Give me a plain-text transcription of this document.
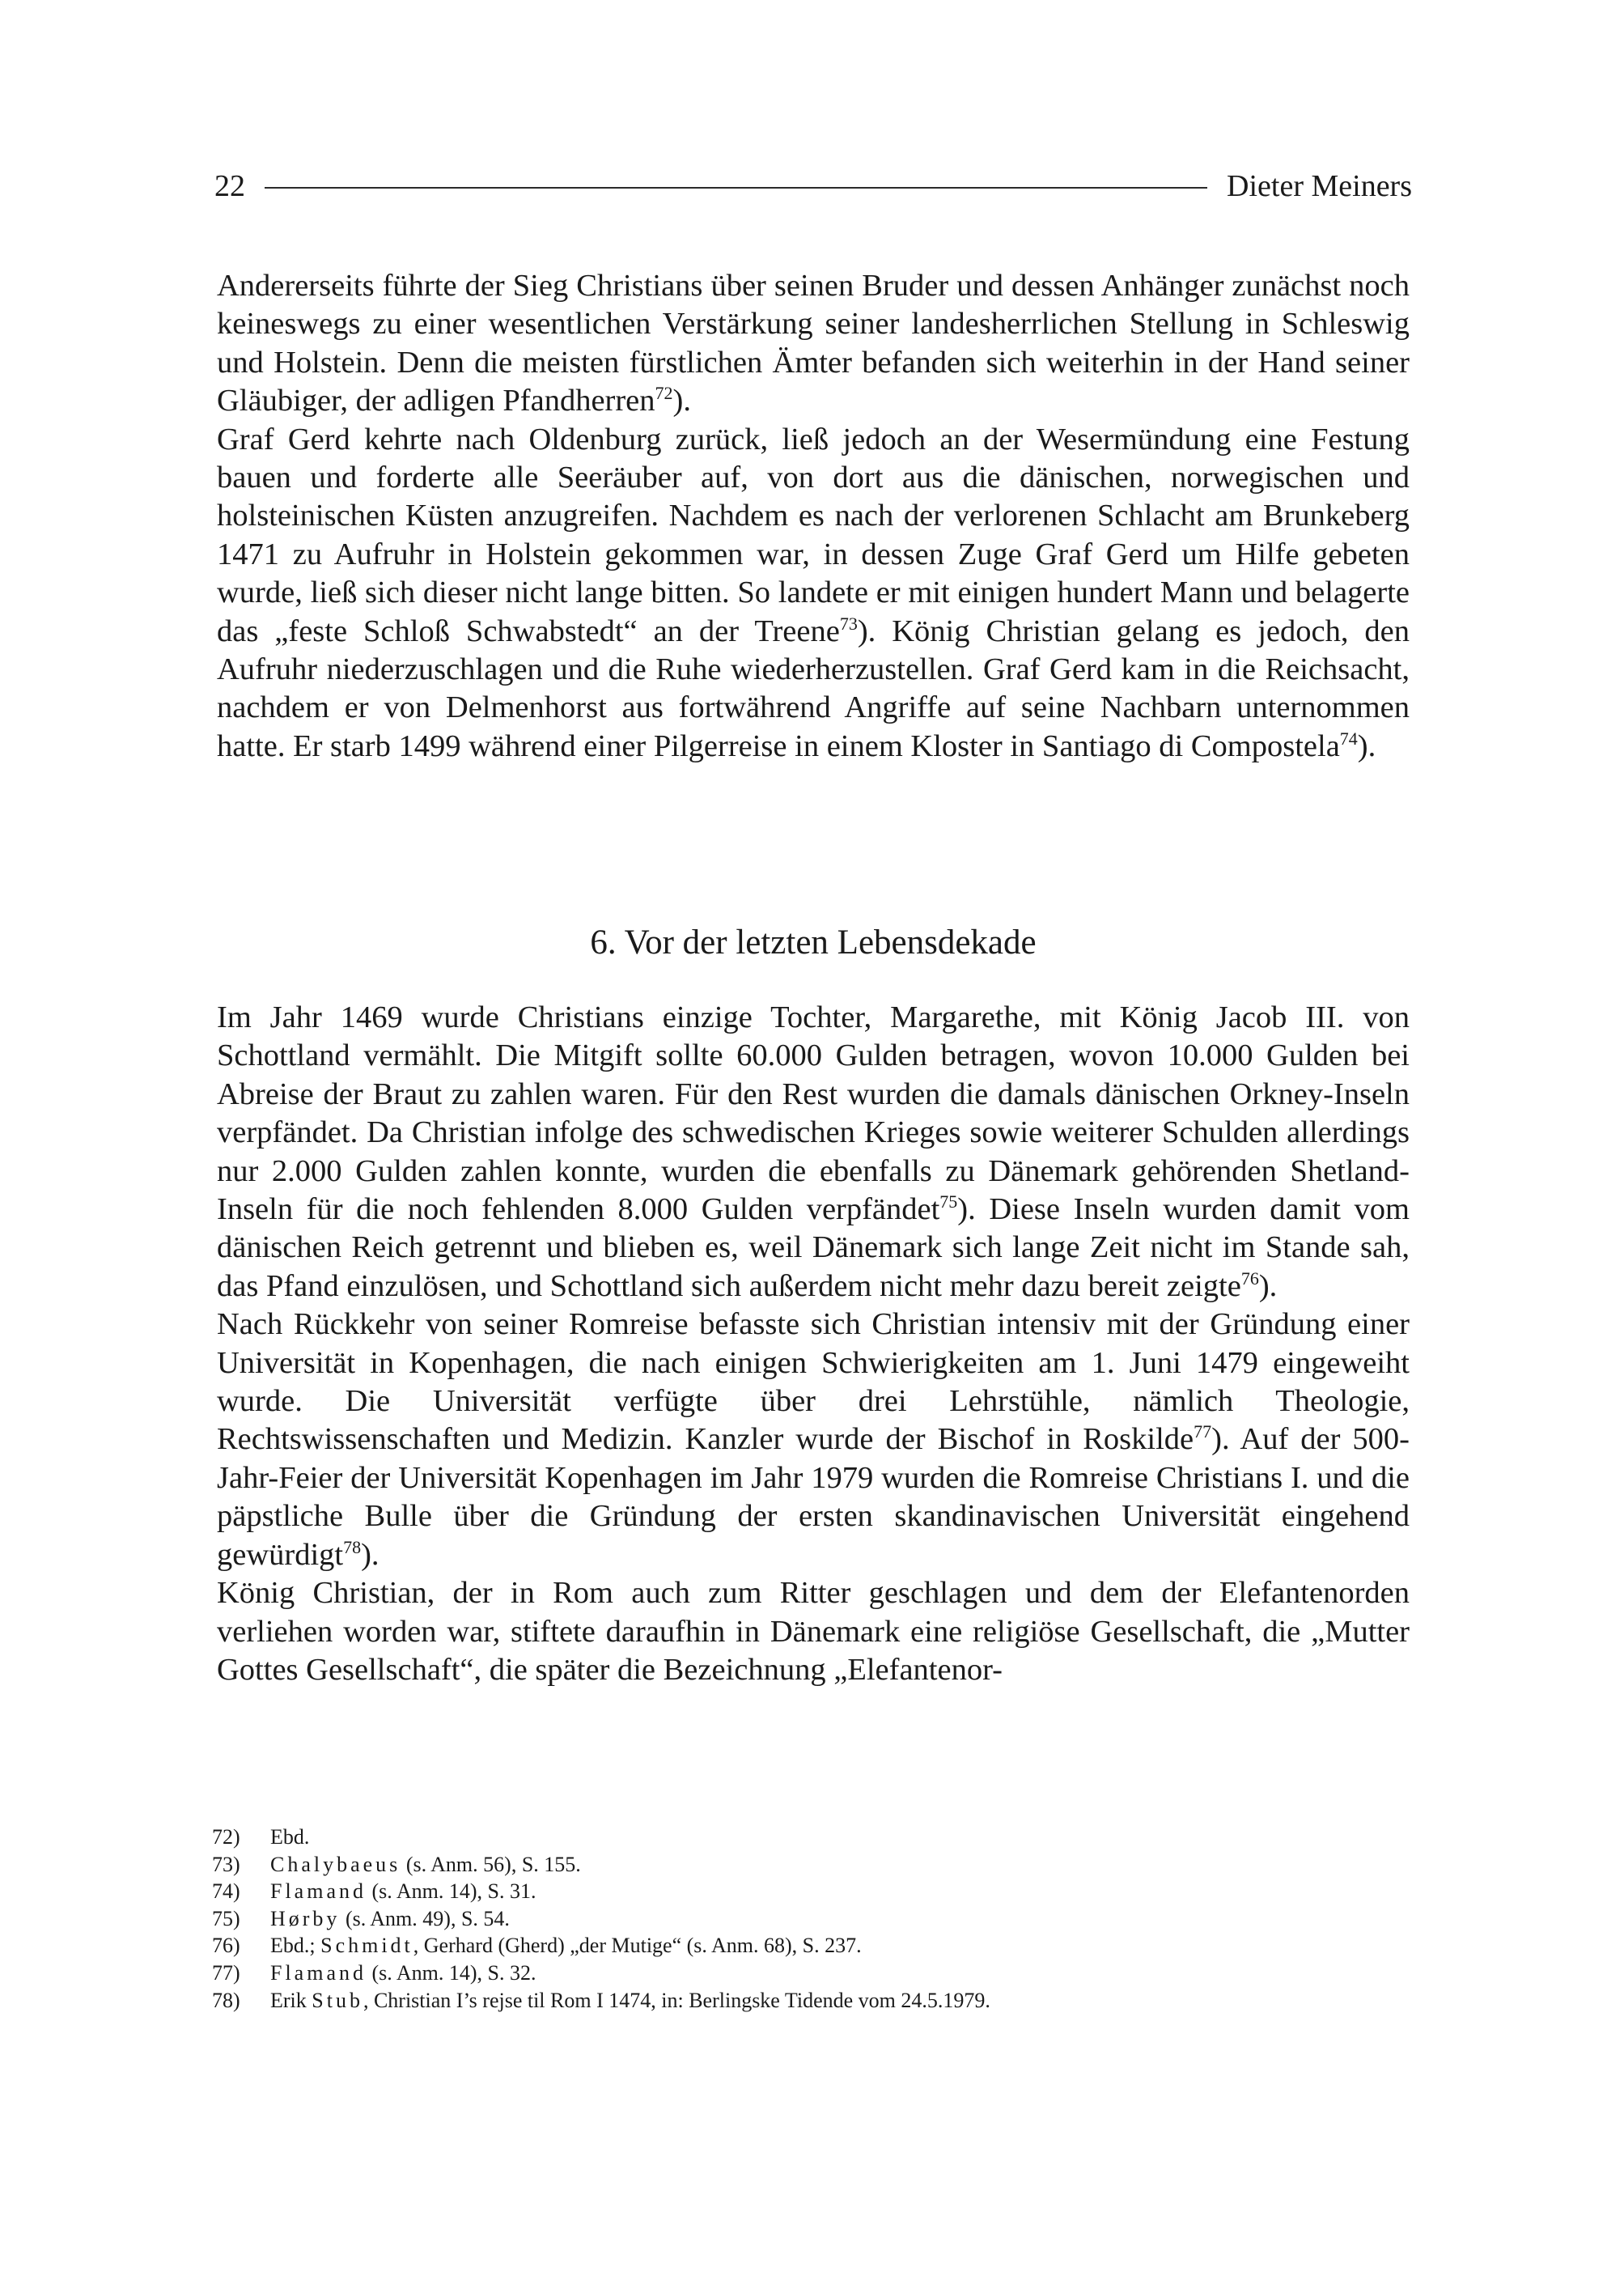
22	Dieter Meiners

Andererseits führte der Sieg Christians über seinen Bruder und dessen Anhänger zunächst noch keineswegs zu einer wesentlichen Verstärkung seiner landesherrlichen Stellung in Schleswig und Holstein. Denn die meisten fürstlichen Ämter befanden sich weiterhin in der Hand seiner Gläubiger, der adligen Pfandherren$^{72}$).

Graf Gerd kehrte nach Oldenburg zurück, ließ jedoch an der Wesermündung eine Festung bauen und forderte alle Seeräuber auf, von dort aus die dänischen, norwegischen und holsteinischen Küsten anzugreifen. Nachdem es nach der verlorenen Schlacht am Brunkeberg 1471 zu Aufruhr in Holstein gekommen war, in dessen Zuge Graf Gerd um Hilfe gebeten wurde, ließ sich dieser nicht lange bitten. So landete er mit einigen hundert Mann und belagerte das „feste Schloß Schwabstedt“ an der Treene$^{73}$). König Christian gelang es jedoch, den Aufruhr niederzuschlagen und die Ruhe wiederherzustellen. Graf Gerd kam in die Reichsacht, nachdem er von Delmenhorst aus fortwährend Angriffe auf seine Nachbarn unternommen hatte. Er starb 1499 während einer Pilgerreise in einem Kloster in Santiago di Compostela$^{74}$).

6. Vor der letzten Lebensdekade

Im Jahr 1469 wurde Christians einzige Tochter, Margarethe, mit König Jacob III. von Schottland vermählt. Die Mitgift sollte 60.000 Gulden betragen, wovon 10.000 Gulden bei Abreise der Braut zu zahlen waren. Für den Rest wurden die damals dänischen Orkney-Inseln verpfändet. Da Christian infolge des schwedischen Krieges sowie weiterer Schulden allerdings nur 2.000 Gulden zahlen konnte, wurden die ebenfalls zu Dänemark gehörenden Shetland-Inseln für die noch fehlenden 8.000 Gulden verpfändet$^{75}$). Diese Inseln wurden damit vom dänischen Reich getrennt und blieben es, weil Dänemark sich lange Zeit nicht im Stande sah, das Pfand einzulösen, und Schottland sich außerdem nicht mehr dazu bereit zeigte$^{76}$).

Nach Rückkehr von seiner Romreise befasste sich Christian intensiv mit der Gründung einer Universität in Kopenhagen, die nach einigen Schwierigkeiten am 1. Juni 1479 eingeweiht wurde. Die Universität verfügte über drei Lehrstühle, nämlich Theologie, Rechtswissenschaften und Medizin. Kanzler wurde der Bischof in Roskilde$^{77}$). Auf der 500-Jahr-Feier der Universität Kopenhagen im Jahr 1979 wurden die Romreise Christians I. und die päpstliche Bulle über die Gründung der ersten skandinavischen Universität eingehend gewürdigt$^{78}$).

König Christian, der in Rom auch zum Ritter geschlagen und dem der Elefantenorden verliehen worden war, stiftete daraufhin in Dänemark eine religiöse Gesellschaft, die „Mutter Gottes Gesellschaft“, die später die Bezeichnung „Elefantenor-

72)	Ebd.
73)	Chalybaeus (s. Anm. 56), S. 155.
74)	Flamand (s. Anm. 14), S. 31.
75)	Hørby (s. Anm. 49), S. 54.
76)	Ebd.; Schmidt, Gerhard (Gherd) „der Mutige“ (s. Anm. 68), S. 237.
77)	Flamand (s. Anm. 14), S. 32.
78)	Erik Stub, Christian I’s rejse til Rom I 1474, in: Berlingske Tidende vom 24.5.1979.
